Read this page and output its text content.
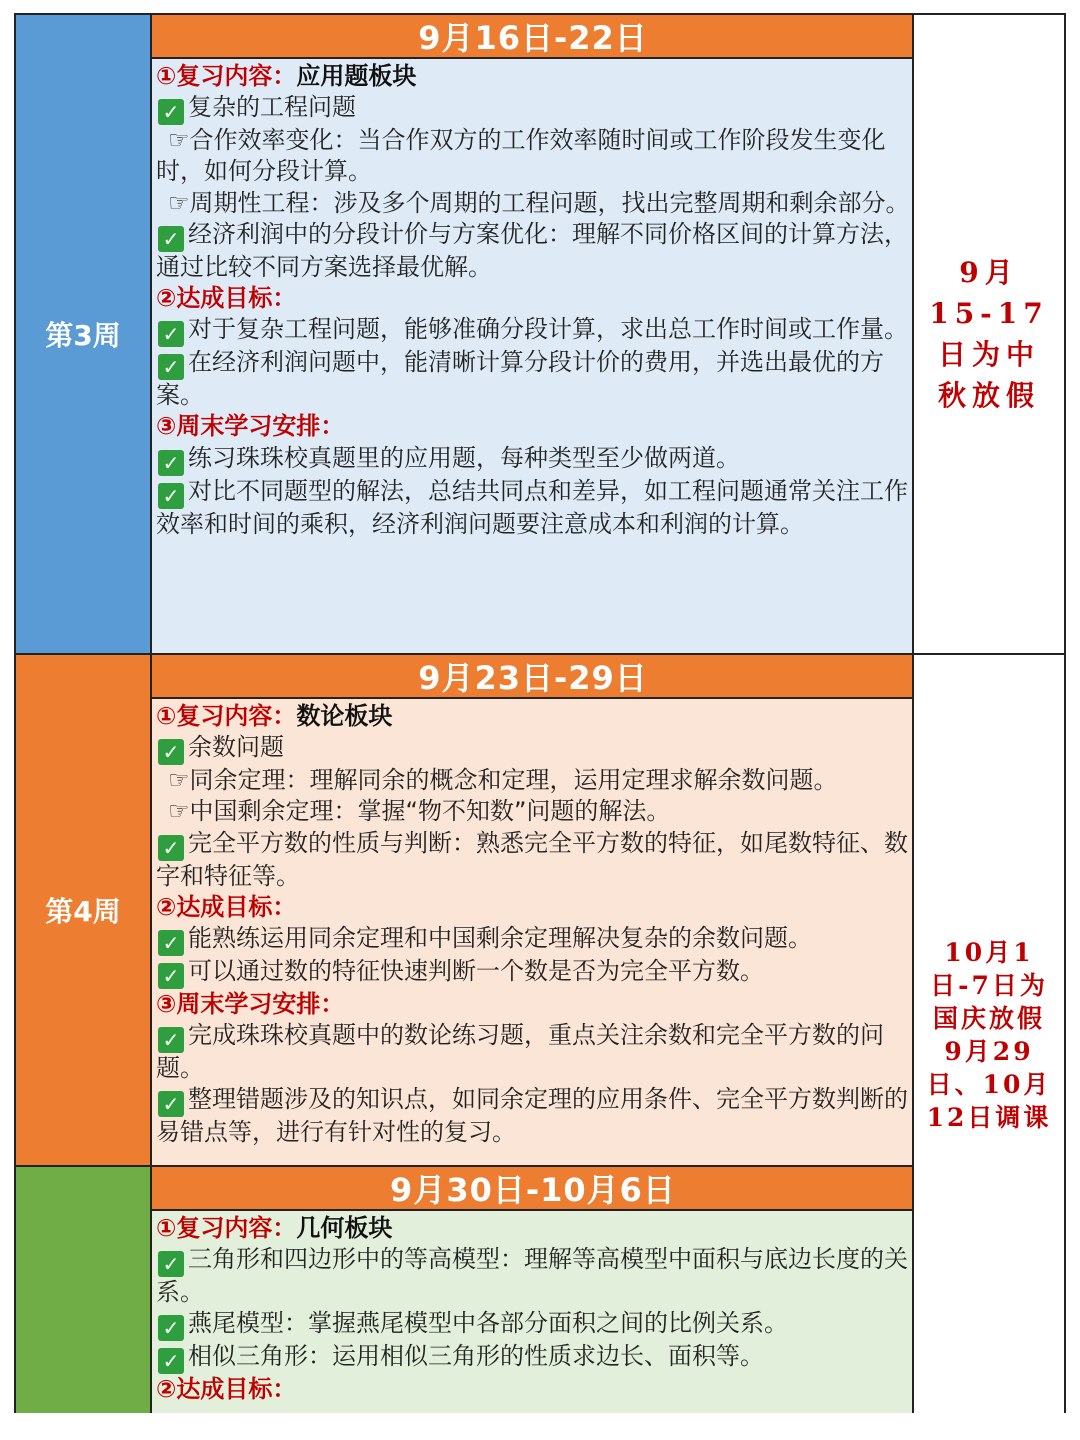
第3周
9月16日-22日
①复习内容：应用题板块
✓ 复杂的工程问题
☞合作效率变化：当合作双方的工作效率随时间或工作阶段发生变化时，如何分段计算。
☞周期性工程：涉及多个周期的工程问题，找出完整周期和剩余部分。
✓ 经济利润中的分段计价与方案优化：理解不同价格区间的计算方法，通过比较不同方案选择最优解。
②达成目标：
✓ 对于复杂工程问题，能够准确分段计算，求出总工作时间或工作量。
✓ 在经济利润问题中，能清晰计算分段计价的费用，并选出最优的方案。
③周末学习安排：
✓ 练习珠珠校真题里的应用题，每种类型至少做两道。
✓ 对比不同题型的解法，总结共同点和差异，如工程问题通常关注工作效率和时间的乘积，经济利润问题要注意成本和利润的计算。
第4周
9月23日-29日
①复习内容：数论板块
✓ 余数问题
☞同余定理：理解同余的概念和定理，运用定理求解余数问题。
☞中国剩余定理：掌握“物不知数”问题的解法。
✓ 完全平方数的性质与判断：熟悉完全平方数的特征，如尾数特征、数字和特征等。
②达成目标：
✓ 能熟练运用同余定理和中国剩余定理解决复杂的余数问题。
✓ 可以通过数的特征快速判断一个数是否为完全平方数。
③周末学习安排：
✓ 完成珠珠校真题中的数论练习题，重点关注余数和完全平方数的问题。
✓ 整理错题涉及的知识点，如同余定理的应用条件、完全平方数判断的易错点等，进行有针对性的复习。
9月30日-10月6日
①复习内容：几何板块
✓ 三角形和四边形中的等高模型：理解等高模型中面积与底边长度的关系。
✓ 燕尾模型：掌握燕尾模型中各部分面积之间的比例关系。
✓ 相似三角形：运用相似三角形的性质求边长、面积等。
②达成目标：
9月15-17日为中秋放假
10月1日-7日为国庆放假
9月29日、10月12日调课
